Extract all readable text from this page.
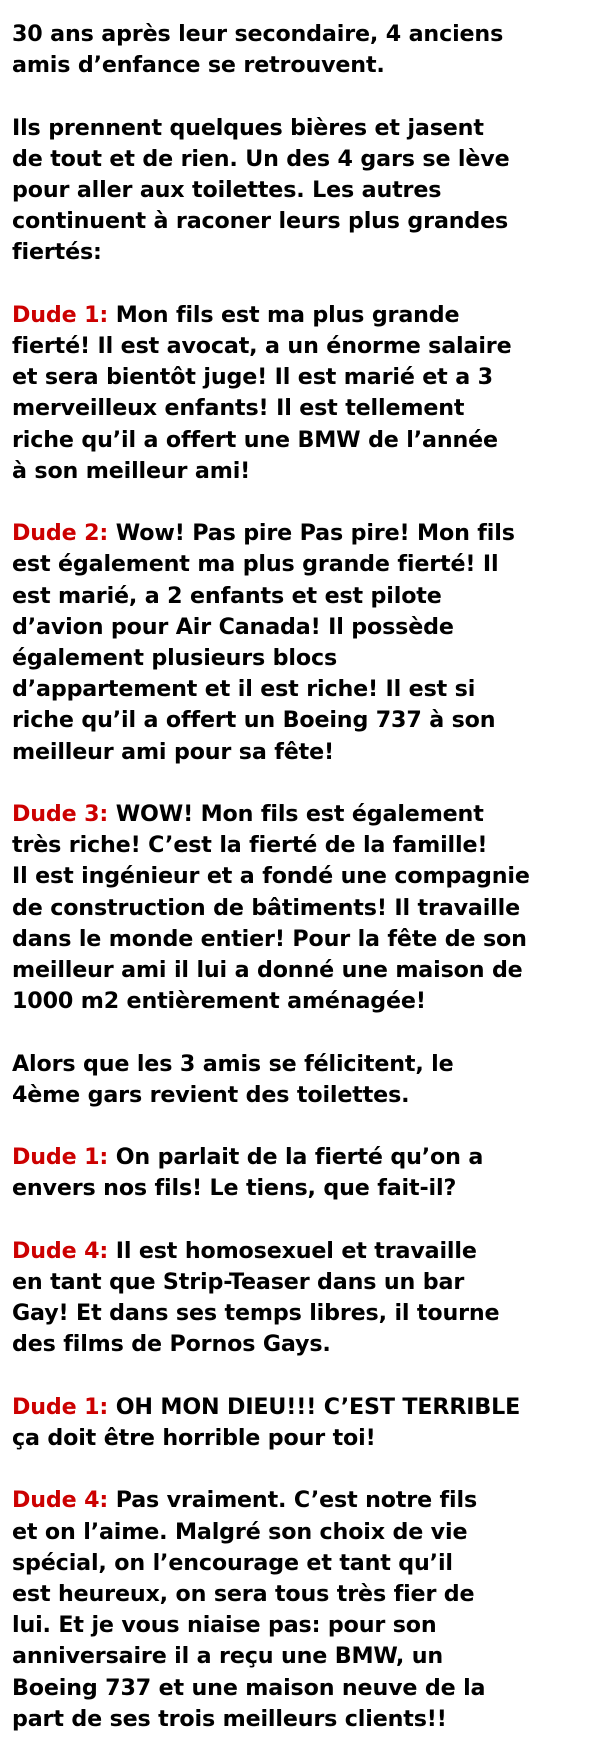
30 ans après leur secondaire, 4 anciens
amis d’enfance se retrouvent.

Ils prennent quelques bières et jasent
de tout et de rien. Un des 4 gars se lève
pour aller aux toilettes. Les autres
continuent à raconer leurs plus grandes
fiertés:

Dude 1: Mon fils est ma plus grande
fierté! Il est avocat, a un énorme salaire
et sera bientôt juge! Il est marié et a 3
merveilleux enfants! Il est tellement
riche qu’il a offert une BMW de l’année
à son meilleur ami!

Dude 2: Wow! Pas pire Pas pire! Mon fils
est également ma plus grande fierté! Il
est marié, a 2 enfants et est pilote
d’avion pour Air Canada! Il possède
également plusieurs blocs
d’appartement et il est riche! Il est si
riche qu’il a offert un Boeing 737 à son
meilleur ami pour sa fête!

Dude 3: WOW! Mon fils est également
très riche! C’est la fierté de la famille!
Il est ingénieur et a fondé une compagnie
de construction de bâtiments! Il travaille
dans le monde entier! Pour la fête de son
meilleur ami il lui a donné une maison de
1000 m2 entièrement aménagée!

Alors que les 3 amis se félicitent, le
4ème gars revient des toilettes.

Dude 1: On parlait de la fierté qu’on a
envers nos fils! Le tiens, que fait-il?

Dude 4: Il est homosexuel et travaille
en tant que Strip-Teaser dans un bar
Gay! Et dans ses temps libres, il tourne
des films de Pornos Gays.

Dude 1: OH MON DIEU!!! C’EST TERRIBLE
ça doit être horrible pour toi!

Dude 4: Pas vraiment. C’est notre fils
et on l’aime. Malgré son choix de vie
spécial, on l’encourage et tant qu’il
est heureux, on sera tous très fier de
lui. Et je vous niaise pas: pour son
anniversaire il a reçu une BMW, un
Boeing 737 et une maison neuve de la
part de ses trois meilleurs clients!!
